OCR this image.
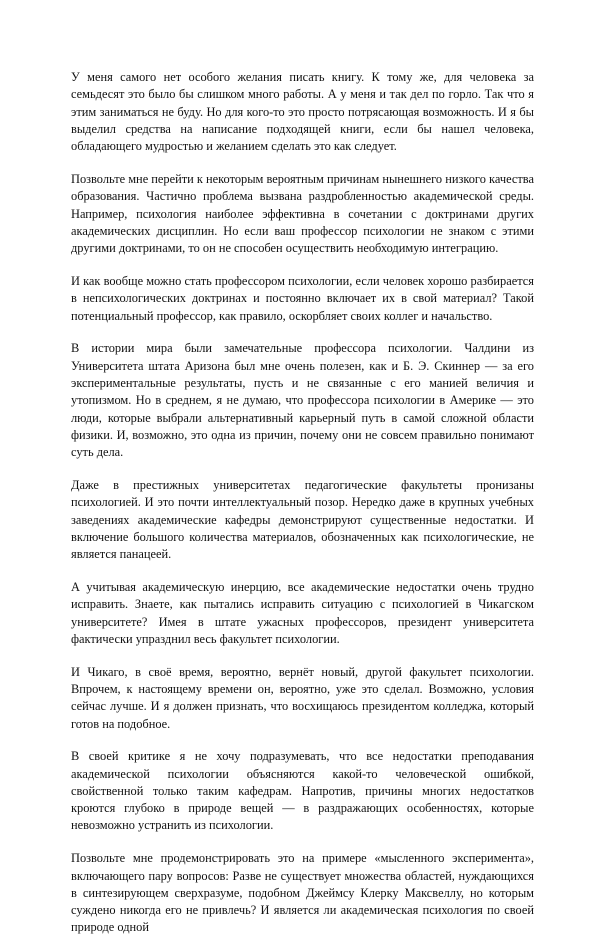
У меня самого нет особого желания писать книгу. К тому же, для человека за семьдесят это было бы слишком много работы. А у меня и так дел по горло. Так что я этим заниматься не буду. Но для кого-то это просто потрясающая возможность. И я бы выделил средства на написание подходящей книги, если бы нашел человека, обладающего мудростью и желанием сделать это как следует.

Позвольте мне перейти к некоторым вероятным причинам нынешнего низкого качества образования. Частично проблема вызвана раздробленностью академической среды. Например, психология наиболее эффективна в сочетании с доктринами других академических дисциплин. Но если ваш профессор психологии не знаком с этими другими доктринами, то он не способен осуществить необходимую интеграцию.

И как вообще можно стать профессором психологии, если человек хорошо разбирается в непсихологических доктринах и постоянно включает их в свой материал? Такой потенциальный профессор, как правило, оскорбляет своих коллег и начальство.

В истории мира были замечательные профессора психологии. Чалдини из Университета штата Аризона был мне очень полезен, как и Б. Э. Скиннер — за его экспериментальные результаты, пусть и не связанные с его манией величия и утопизмом. Но в среднем, я не думаю, что профессора психологии в Америке — это люди, которые выбрали альтернативный карьерный путь в самой сложной области физики. И, возможно, это одна из причин, почему они не совсем правильно понимают суть дела.

Даже в престижных университетах педагогические факультеты пронизаны психологией. И это почти интеллектуальный позор. Нередко даже в крупных учебных заведениях академические кафедры демонстрируют существенные недостатки. И включение большого количества материалов, обозначенных как психологические, не является панацеей.

А учитывая академическую инерцию, все академические недостатки очень трудно исправить. Знаете, как пытались исправить ситуацию с психологией в Чикагском университете? Имея в штате ужасных профессоров, президент университета фактически упразднил весь факультет психологии.

И Чикаго, в своё время, вероятно, вернёт новый, другой факультет психологии. Впрочем, к настоящему времени он, вероятно, уже это сделал. Возможно, условия сейчас лучше. И я должен признать, что восхищаюсь президентом колледжа, который готов на подобное.

В своей критике я не хочу подразумевать, что все недостатки преподавания академической психологии объясняются какой-то человеческой ошибкой, свойственной только таким кафедрам. Напротив, причины многих недостатков кроются глубоко в природе вещей — в раздражающих особенностях, которые невозможно устранить из психологии.

Позвольте мне продемонстрировать это на примере «мысленного эксперимента», включающего пару вопросов: Разве не существует множества областей, нуждающихся в синтезирующем сверхразуме, подобном Джеймсу Клерку Максвеллу, но которым суждено никогда его не привлечь? И является ли академическая психология по своей природе одной
